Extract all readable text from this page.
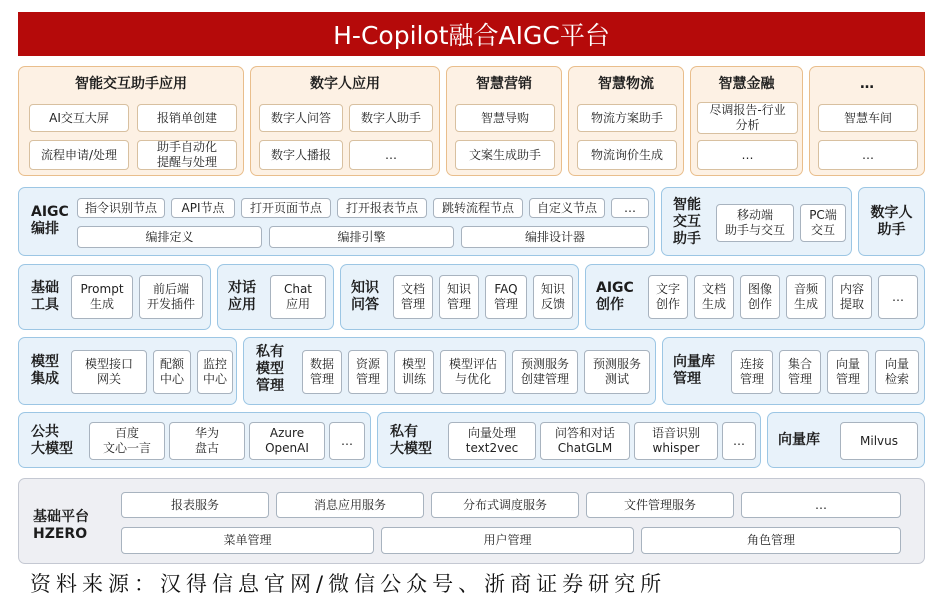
H-Copilot融合AIGC平台
智能交互助手应用
AI交互大屏	报销单创建
流程申请/处理
助手自动化
提醒与处理
数字人应用
数字人问答	数字人助手
数字人播报	…
智慧营销
智慧导购
文案生成助手
智慧物流
物流方案助手
物流询价生成
智慧金融
尽调报告-行业
分析
…
…
智慧车间
…
AIGC
编排
指令识别节点	API节点	打开页面节点	打开报表节点	跳转流程节点	自定义节点	…
编排定义	编排引擎	编排设计器
智能
交互
助手
移动端
助手与交互
PC端
交互
数字人
助手
基础
工具
Prompt
生成
前后端
开发插件
对话
应用
Chat
应用
知识
问答
文档
管理
知识
管理
FAQ
管理
知识
反馈
AIGC
创作
文字
创作
文档
生成
图像
创作
音频
生成
内容
提取
…
模型
集成
模型接口
网关
配额
中心
监控
中心
私有
模型
管理
数据
管理
资源
管理
模型
训练
模型评估
与优化
预测服务
创建管理
预测服务
测试
向量库
管理
连接
管理
集合
管理
向量
管理
向量
检索
公共
大模型
百度
文心一言
华为
盘古
Azure
OpenAI
…
私有
大模型
向量处理
text2vec
问答和对话
ChatGLM
语音识别
whisper
…	向量库	Milvus
基础平台
HZERO
报表服务	消息应用服务	分布式调度服务	文件管理服务	…
菜单管理	用户管理	角色管理
资料来源：汉得信息官网/微信公众号、浙商证券研究所
